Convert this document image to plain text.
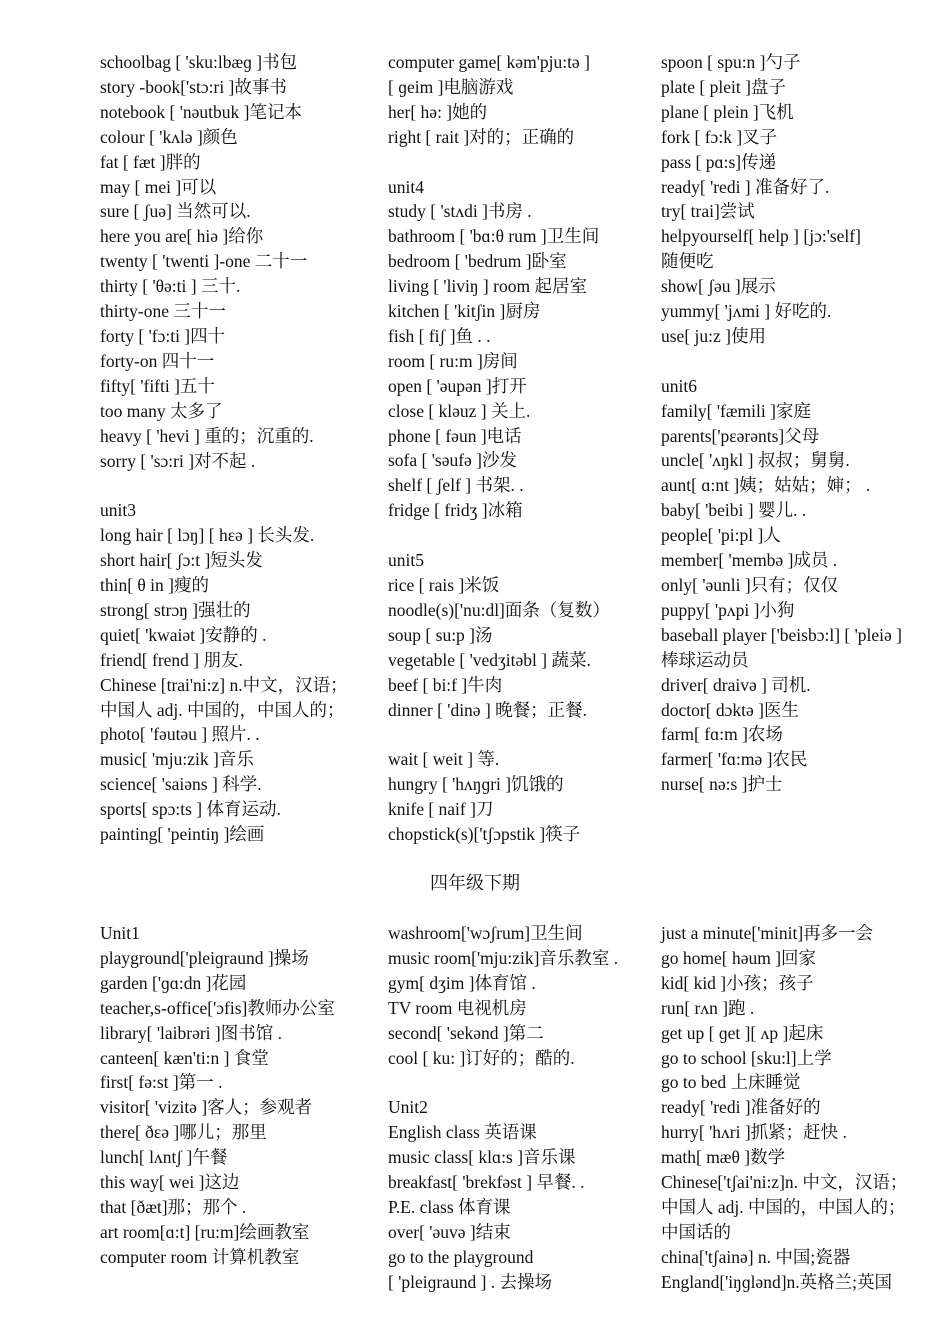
schoolbag [ 'sku:lbæɡ ]书包
story -book['stɔ:ri ]故事书
notebook [ 'nəutbuk ]笔记本
colour [ 'kʌlə ]颜色
fat [ fæt ]胖的
may [ mei ]可以
sure [ ʃuə] 当然可以.
here you are[ hiə ]给你
twenty [ 'twenti ]-one 二十一
thirty [ 'θə:ti ] 三十.
thirty-one 三十一
forty [ 'fɔ:ti ]四十
forty-on 四十一
fifty[ 'fifti ]五十
too many 太多了
heavy [ 'hevi ] 重的；沉重的.
sorry [ 'sɔ:ri ]对不起 .
unit3
long hair [ lɔŋ] [ hεə ] 长头发.
short hair[ ʃɔ:t ]短头发
thin[ θ in ]瘦的
strong[ strɔŋ ]强壮的
quiet[ 'kwaiət ]安静的 .
friend[ frend ] 朋友.
Chinese [trai'ni:z] n.中文，汉语；
中国人 adj. 中国的，中国人的；
photo[ 'fəutəu ] 照片. .
music[ 'mju:zik ]音乐
science[ 'saiəns ] 科学.
sports[ spɔ:ts ] 体育运动.
painting[ 'peintiŋ ]绘画
computer game[ kəm'pju:tə ]
[ ɡeim ]电脑游戏
her[ hə: ]她的
right [ rait ]对的；正确的
unit4
study [ 'stʌdi ]书房 .
bathroom [ 'bɑ:θ rum ]卫生间
bedroom [ 'bedrum ]卧室
living [ 'liviŋ ] room 起居室
kitchen [ 'kitʃin ]厨房
fish [ fiʃ ]鱼 . .
room [ ru:m ]房间
open [ 'əupən ]打开
close [ kləuz ] 关上.
phone [ fəun ]电话
sofa [ 'səufə ]沙发
shelf [ ʃelf ] 书架. .
fridge [ fridʒ ]冰箱
unit5
rice [ rais ]米饭
noodle(s)['nu:dl]面条（复数）
soup [ su:p ]汤
vegetable [ 'vedʒitəbl ] 蔬菜.
beef [ bi:f ]牛肉
dinner [ 'dinə ] 晚餐；正餐.
wait [ weit ] 等.
hungry [ 'hʌŋɡri ]饥饿的
knife [ naif ]刀
chopstick(s)['tʃɔpstik ]筷子
spoon [ spu:n ]勺子
plate [ pleit ]盘子
plane [ plein ]飞机
fork [ fɔ:k ]叉子
pass [ pɑ:s]传递
ready[ 'redi ] 准备好了.
try[ trai]尝试
helpyourself[ help ] [jɔ:'self]
随便吃
show[ ʃəu ]展示
yummy[ 'jʌmi ] 好吃的.
use[ ju:z ]使用
unit6
family[ 'fæmili ]家庭
parents['pεərənts]父母
uncle[ 'ʌŋkl ] 叔叔；舅舅.
aunt[ ɑ:nt ]姨；姑姑；婶； .
baby[ 'beibi ] 婴儿. .
people[ 'pi:pl ]人
member[ 'membə ]成员 .
only[ 'əunli ]只有；仅仅
puppy[ 'pʌpi ]小狗
baseball player ['beisbɔ:l] [ 'pleiə ]
棒球运动员
driver[ draivə ] 司机.
doctor[ dɔktə ]医生
farm[ fɑ:m ]农场
farmer[ 'fɑ:mə ]农民
nurse[ nə:s ]护士
四年级下期
Unit1
playground['pleiɡraund ]操场
garden ['ɡɑ:dn ]花园
teacher,s-office['ɔfis]教师办公室
library[ 'laibrəri ]图书馆 .
canteen[ kæn'ti:n ] 食堂
first[ fə:st ]第一 .
visitor[ 'vizitə ]客人；参观者
there[ ðεə ]哪儿；那里
lunch[ lʌntʃ ]午餐
this way[ wei ]这边
that [ðæt]那；那个 .
art room[ɑ:t] [ru:m]绘画教室
computer room 计算机教室
washroom['wɔʃrum]卫生间
music room['mju:zik]音乐教室 .
gym[ dʒim ]体育馆 .
TV room 电视机房
second[ 'sekənd ]第二
cool [ ku: ]订好的；酷的.
Unit2
English class 英语课
music class[ klɑ:s ]音乐课
breakfast[ 'brekfəst ] 早餐. .
P.E. class 体育课
over[ 'əuvə ]结束
go to the playground
[ 'pleiɡraund ] . 去操场
just a minute['minit]再多一会
go home[ həum ]回家
kid[ kid ]小孩；孩子
run[ rʌn ]跑 .
get up [ ɡet ][ ʌp ]起床
go to school [sku:l]上学
go to bed 上床睡觉
ready[ 'redi ]准备好的
hurry[ 'hʌri ]抓紧；赶快 .
math[ mæθ ]数学
Chinese['tʃai'ni:z]n. 中文，汉语；
中国人 adj. 中国的，中国人的；
中国话的
china['tʃainə] n. 中国;瓷器
England['iŋɡlənd]n.英格兰;英国
